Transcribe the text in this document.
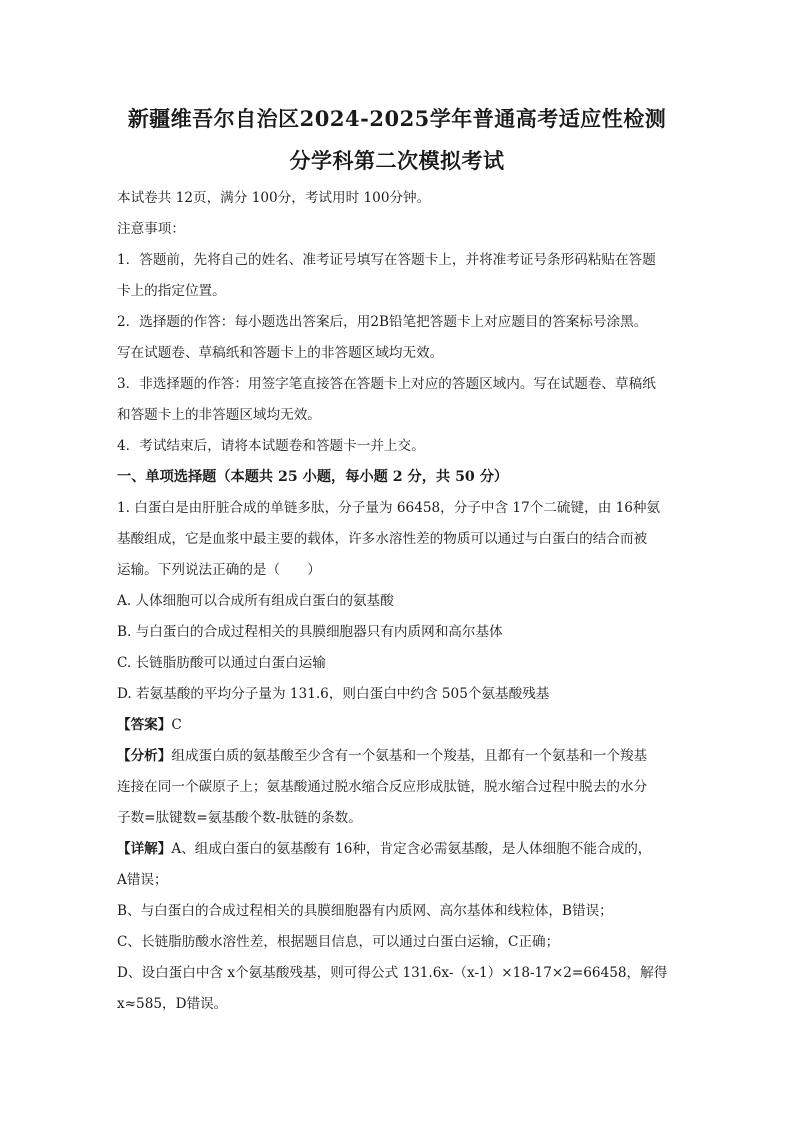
新疆维吾尔自治区2024-2025学年普通高考适应性检测
分学科第二次模拟考试
本试卷共 12页，满分 100分，考试用时 100分钟。
注意事项：
1．答题前，先将自己的姓名、准考证号填写在答题卡上，并将准考证号条形码粘贴在答题
卡上的指定位置。
2．选择题的作答：每小题选出答案后，用2B铅笔把答题卡上对应题目的答案标号涂黑。
写在试题卷、草稿纸和答题卡上的非答题区域均无效。
3．非选择题的作答：用签字笔直接答在答题卡上对应的答题区域内。写在试题卷、草稿纸
和答题卡上的非答题区域均无效。
4．考试结束后，请将本试题卷和答题卡一并上交。
一、单项选择题（本题共 25 小题，每小题 2 分，共 50 分）
1. 白蛋白是由肝脏合成的单链多肽，分子量为 66458，分子中含 17个二硫键，由 16种氨
基酸组成，它是血浆中最主要的载体，许多水溶性差的物质可以通过与白蛋白的结合而被
运输。下列说法正确的是（　　）
A. 人体细胞可以合成所有组成白蛋白的氨基酸
B. 与白蛋白的合成过程相关的具膜细胞器只有内质网和高尔基体
C. 长链脂肪酸可以通过白蛋白运输
D. 若氨基酸的平均分子量为 131.6，则白蛋白中约含 505个氨基酸残基
【答案】C
【分析】组成蛋白质的氨基酸至少含有一个氨基和一个羧基，且都有一个氨基和一个羧基
连接在同一个碳原子上；氨基酸通过脱水缩合反应形成肽链，脱水缩合过程中脱去的水分
子数=肽键数=氨基酸个数-肽链的条数。
【详解】A、组成白蛋白的氨基酸有 16种，肯定含必需氨基酸，是人体细胞不能合成的，
A错误；
B、与白蛋白的合成过程相关的具膜细胞器有内质网、高尔基体和线粒体，B错误；
C、长链脂肪酸水溶性差，根据题目信息，可以通过白蛋白运输，C正确；
D、设白蛋白中含 x个氨基酸残基，则可得公式 131.6x-（x-1）×18-17×2=66458，解得
x≈585，D错误。
